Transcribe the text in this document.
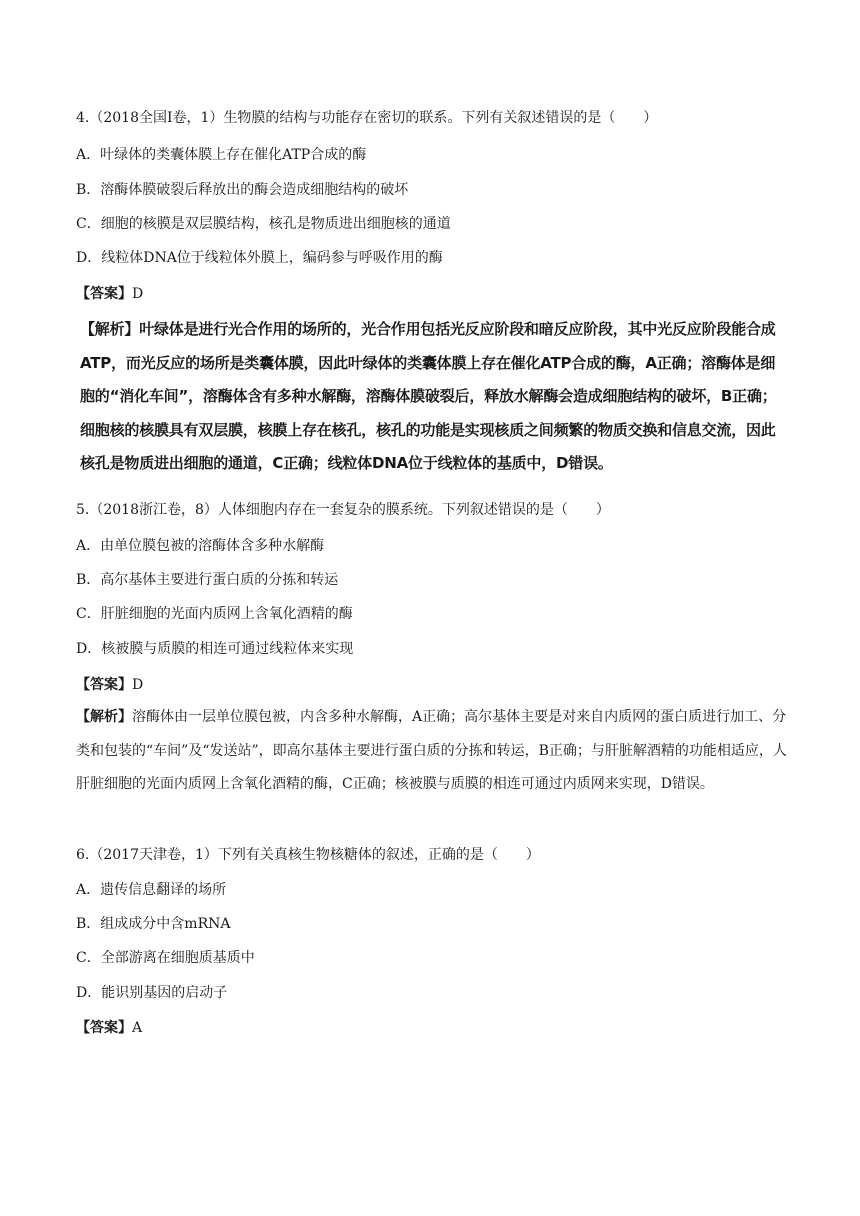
4.（2018全国Ⅰ卷，1）生物膜的结构与功能存在密切的联系。下列有关叙述错误的是（　　）
A．叶绿体的类囊体膜上存在催化ATP合成的酶
B．溶酶体膜破裂后释放出的酶会造成细胞结构的破坏
C．细胞的核膜是双层膜结构，核孔是物质进出细胞核的通道
D．线粒体DNA位于线粒体外膜上，编码参与呼吸作用的酶
【答案】D
【解析】叶绿体是进行光合作用的场所的，光合作用包括光反应阶段和暗反应阶段，其中光反应阶段能合成ATP，而光反应的场所是类囊体膜，因此叶绿体的类囊体膜上存在催化ATP合成的酶，A正确；溶酶体是细胞的“消化车间”，溶酶体含有多种水解酶，溶酶体膜破裂后，释放水解酶会造成细胞结构的破坏，B正确；细胞核的核膜具有双层膜，核膜上存在核孔，核孔的功能是实现核质之间频繁的物质交换和信息交流，因此核孔是物质进出细胞的通道，C正确；线粒体DNA位于线粒体的基质中，D错误。
5.（2018浙江卷，8）人体细胞内存在一套复杂的膜系统。下列叙述错误的是（　　）
A．由单位膜包被的溶酶体含多种水解酶
B．高尔基体主要进行蛋白质的分拣和转运
C．肝脏细胞的光面内质网上含氧化酒精的酶
D．核被膜与质膜的相连可通过线粒体来实现
【答案】D
【解析】溶酶体由一层单位膜包被，内含多种水解酶，A正确；高尔基体主要是对来自内质网的蛋白质进行加工、分类和包装的“车间”及“发送站”，即高尔基体主要进行蛋白质的分拣和转运，B正确；与肝脏解酒精的功能相适应，人肝脏细胞的光面内质网上含氧化酒精的酶，C正确；核被膜与质膜的相连可通过内质网来实现，D错误。
6.（2017天津卷，1）下列有关真核生物核糖体的叙述，正确的是（　　）
A．遗传信息翻译的场所
B．组成成分中含mRNA
C．全部游离在细胞质基质中
D．能识别基因的启动子
【答案】A
